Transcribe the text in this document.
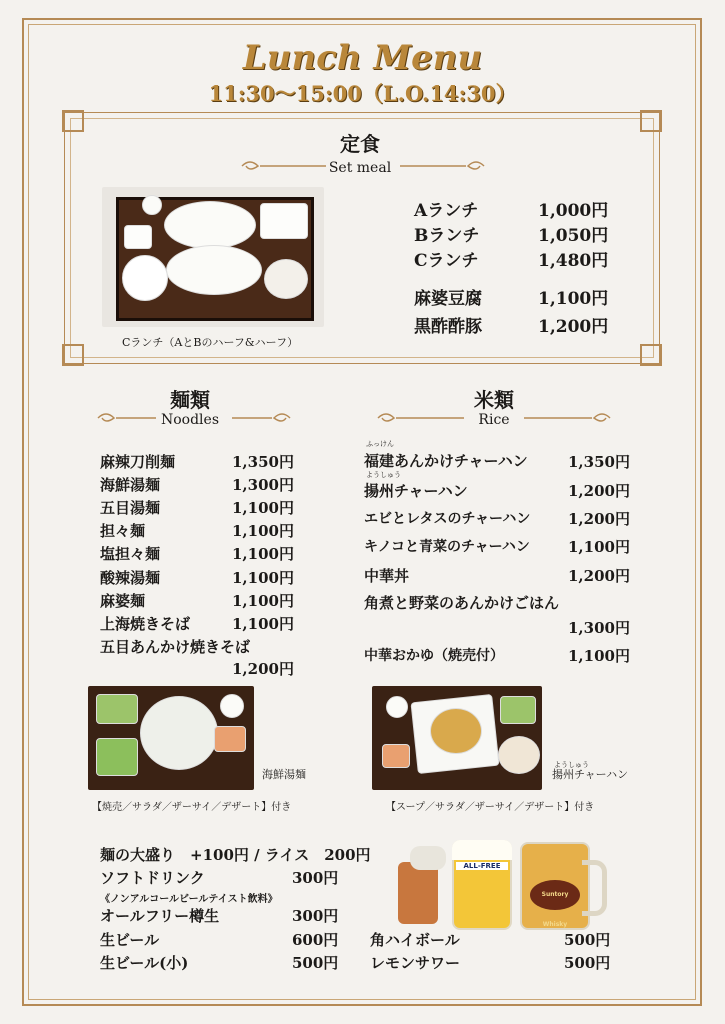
Lunch Menu
11:30～15:00（L.O.14:30）
定食
Set meal
Cランチ（AとBのハーフ&ハーフ）
Aランチ	1,000円
Bランチ	1,050円
Cランチ	1,480円
麻婆豆腐	1,100円
黒酢酢豚	1,200円
麺類
Noodles
米類
Rice
麻辣刀削麺	1,350円
海鮮湯麺	1,300円
五目湯麺	1,100円
担々麺	1,100円
塩担々麺	1,100円
酸辣湯麺	1,100円
麻婆麺	1,100円
上海焼きそば	1,100円
五目あんかけ焼きそば
1,200円
ふっけん
福建あんかけチャーハン	1,350円
ようしゅう
揚州チャーハン	1,200円
エビとレタスのチャーハン	1,200円
キノコと青菜のチャーハン	1,100円
中華丼	1,200円
角煮と野菜のあんかけごはん
1,300円
中華おかゆ（焼売付）	1,100円
海鮮湯麺
【焼売／サラダ／ザーサイ／デザート】付き
ようしゅう
揚州チャーハン
【スープ／サラダ／ザーサイ／デザート】付き
麺の大盛り　+100円 / ライス　200円
ソフトドリンク	300円
《ノンアルコールビールテイスト飲料》
オールフリー樽生	300円
生ビール	600円
生ビール(小)	500円
角ハイボール	500円
レモンサワー	500円
ALL-FREE
Suntory Whisky
